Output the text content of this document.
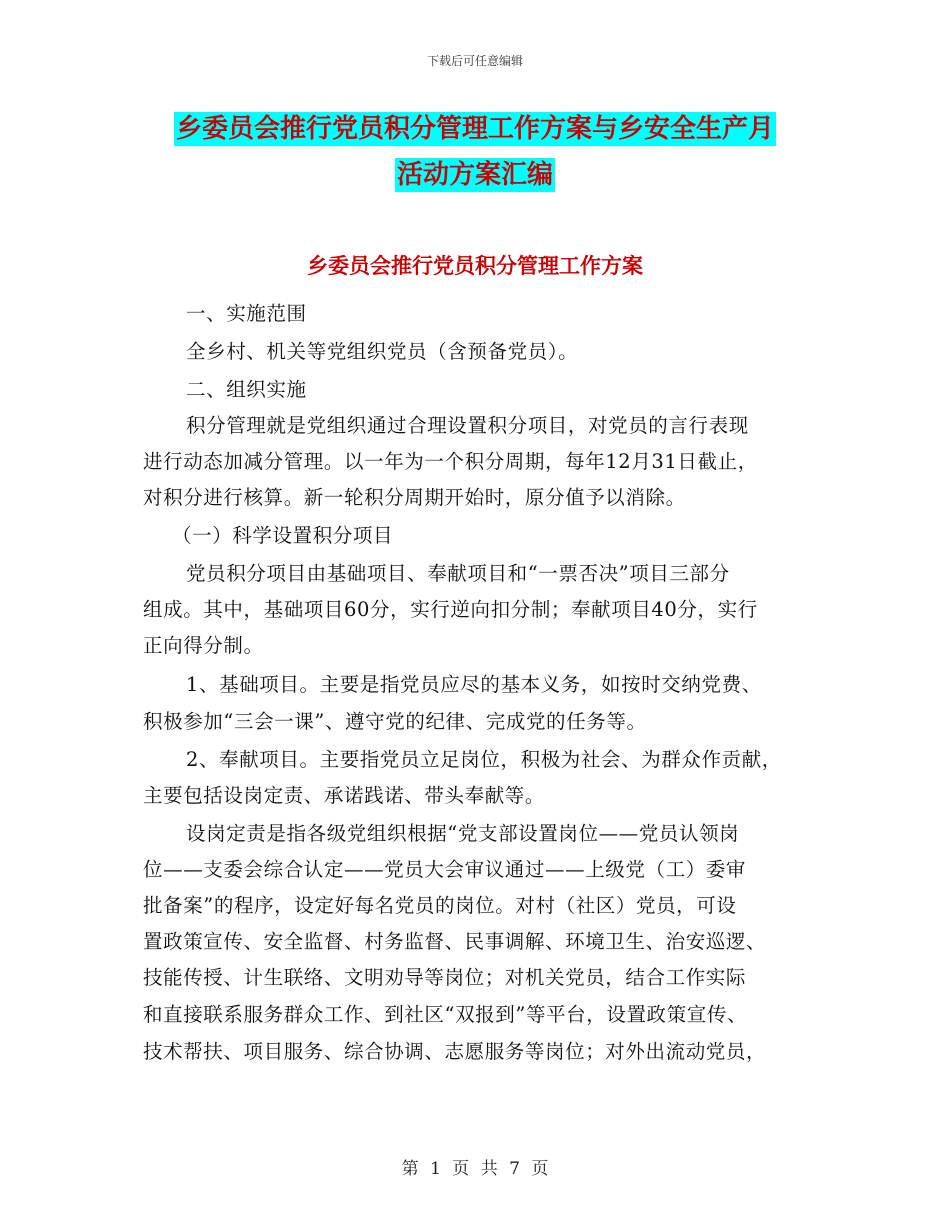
下载后可任意编辑
乡委员会推行党员积分管理工作方案与乡安全生产月
活动方案汇编
乡委员会推行党员积分管理工作方案
一、实施范围
全乡村、机关等党组织党员（含预备党员）。
二、组织实施
积分管理就是党组织通过合理设置积分项目，对党员的言行表现
进行动态加减分管理。以一年为一个积分周期，每年12月31日截止，
对积分进行核算。新一轮积分周期开始时，原分值予以消除。
（一）科学设置积分项目
党员积分项目由基础项目、奉献项目和“一票否决”项目三部分
组成。其中，基础项目60分，实行逆向扣分制；奉献项目40分，实行
正向得分制。
1、基础项目。主要是指党员应尽的基本义务，如按时交纳党费、
积极参加“三会一课”、遵守党的纪律、完成党的任务等。
2、奉献项目。主要指党员立足岗位，积极为社会、为群众作贡献，
主要包括设岗定责、承诺践诺、带头奉献等。
设岗定责是指各级党组织根据“党支部设置岗位——党员认领岗
位——支委会综合认定——党员大会审议通过——上级党（工）委审
批备案”的程序，设定好每名党员的岗位。对村（社区）党员，可设
置政策宣传、安全监督、村务监督、民事调解、环境卫生、治安巡逻、
技能传授、计生联络、文明劝导等岗位；对机关党员，结合工作实际
和直接联系服务群众工作、到社区“双报到”等平台，设置政策宣传、
技术帮扶、项目服务、综合协调、志愿服务等岗位；对外出流动党员，
第 1 页 共 7 页
